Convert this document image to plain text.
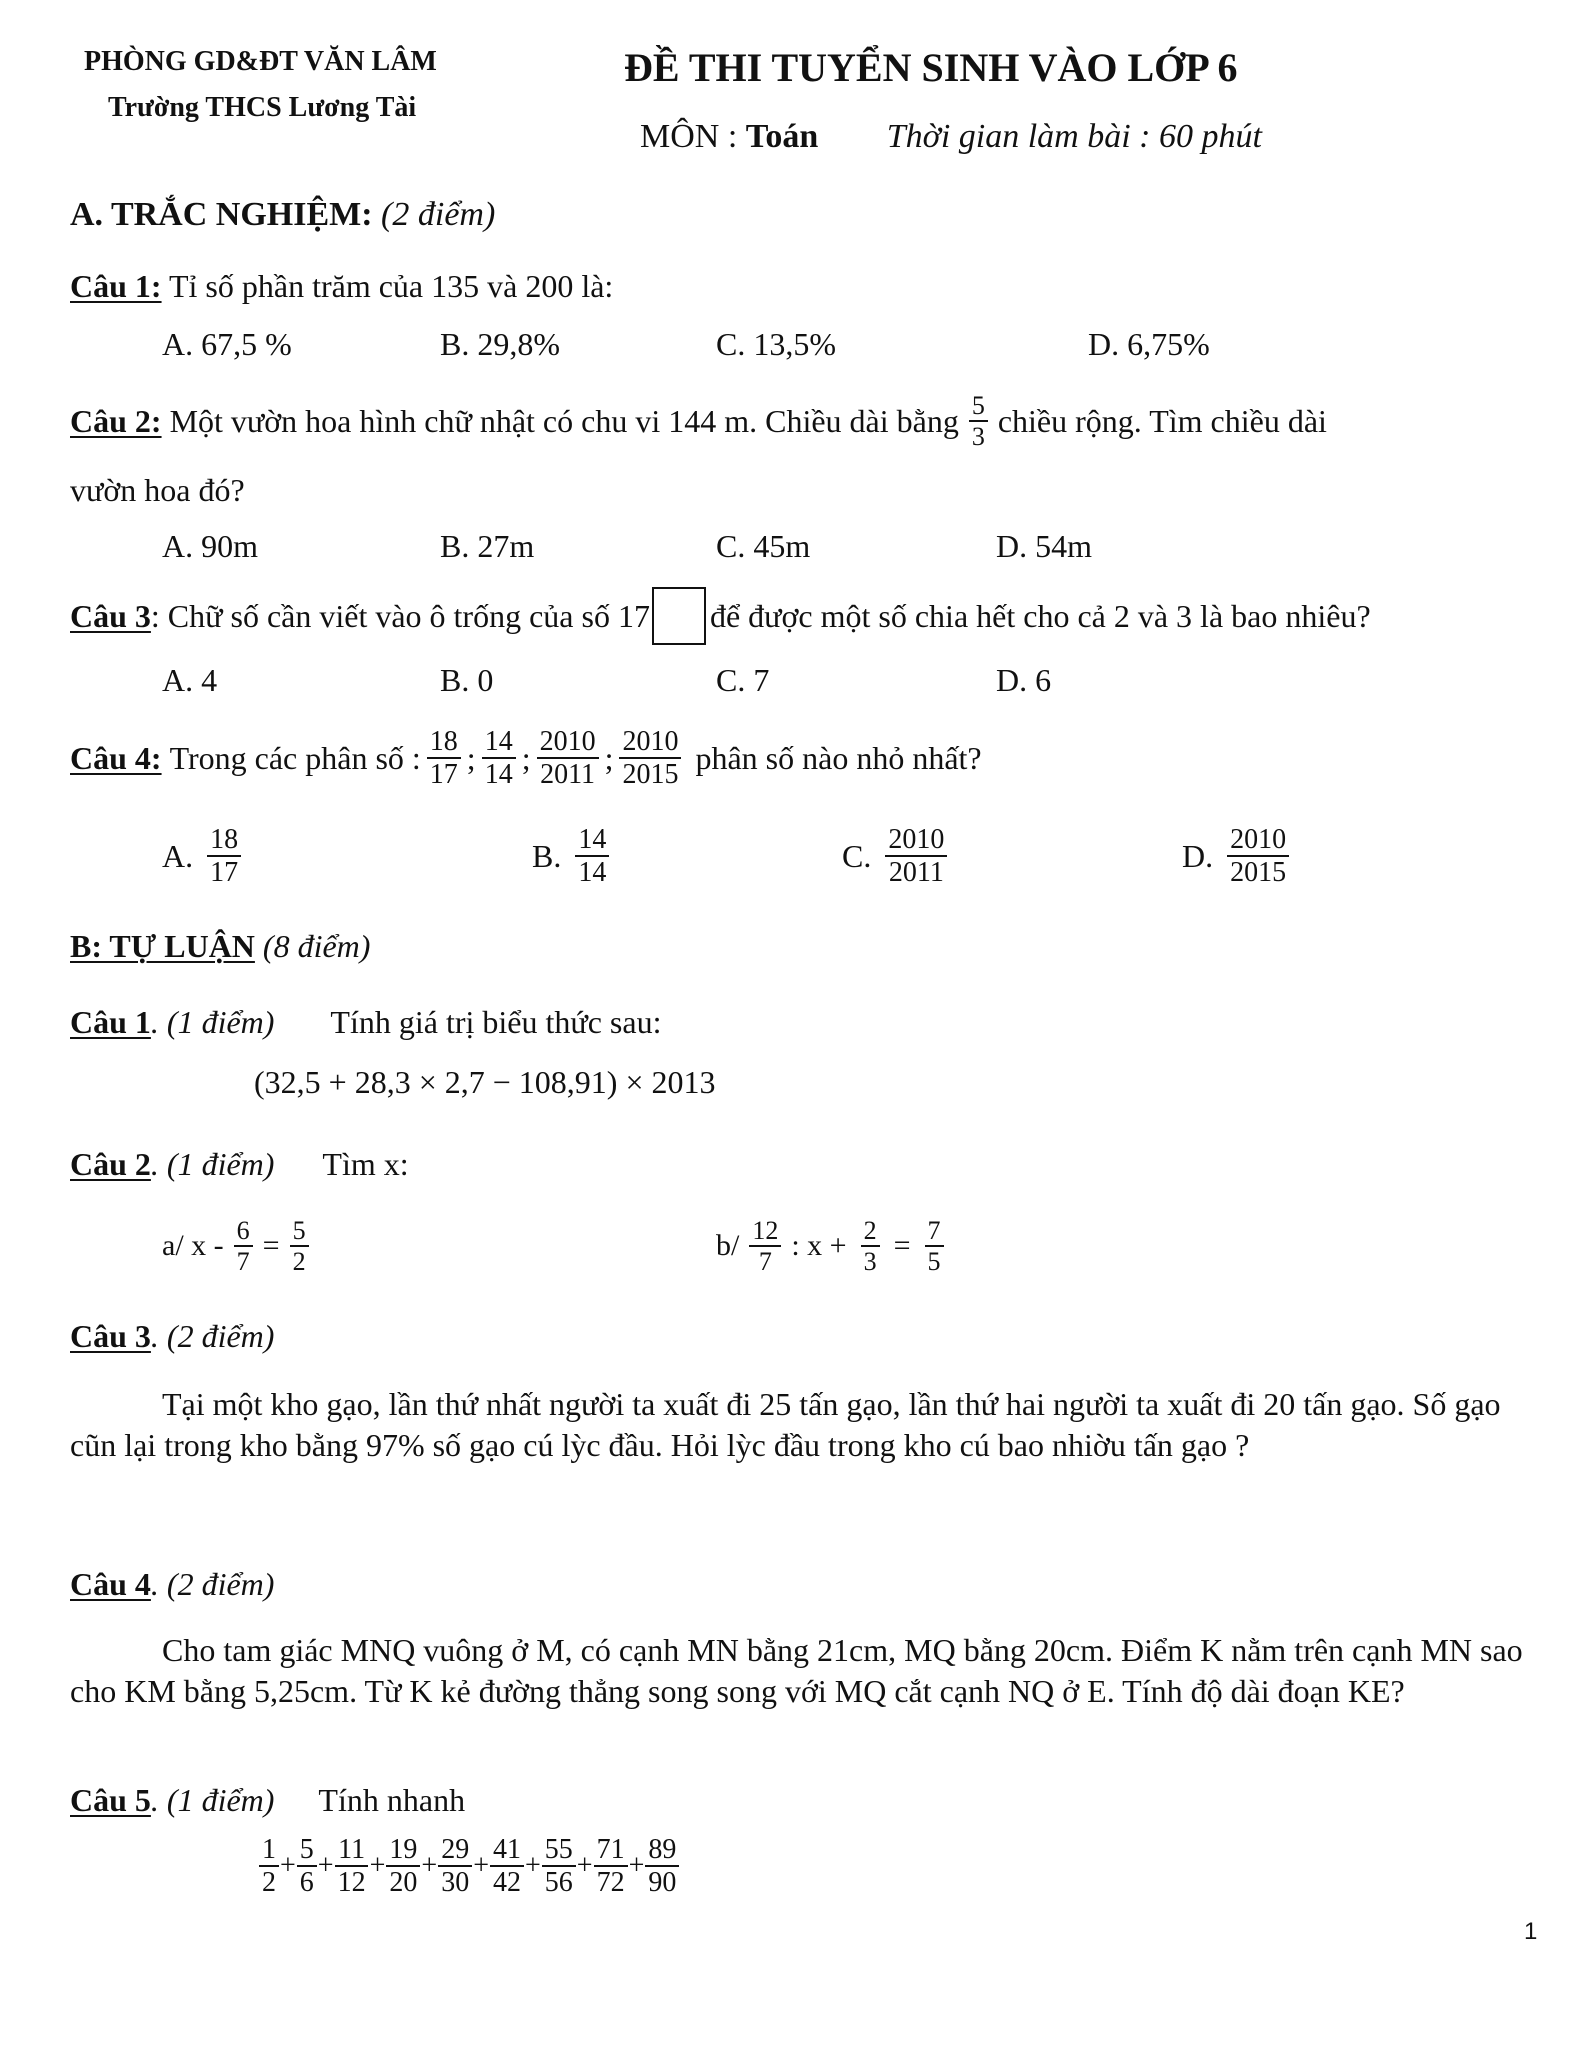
PHÒNG GD&ĐT VĂN LÂM
Trường THCS Lương Tài
ĐỀ THI TUYỂN SINH VÀO LỚP 6
MÔN : Toán Thời gian làm bài : 60 phút
A. TRẮC NGHIỆM: (2 điểm)
Câu 1: Tỉ số phần trăm của 135 và 200 là:
A. 67,5 %	B. 29,8%	C. 13,5%	D. 6,75%
Câu 2:
Một vườn hoa hình chữ nhật có chu vi 144 m. Chiều dài bằng $\frac{5}{3}$ chiều rộng. Tìm chiều dài
vườn hoa đó?
A. 90m	B. 27m	C. 45m	D. 54m
Câu 3 : Chữ số cần viết vào ô trống của số 17 để được một số chia hết cho cả 2 và 3 là bao nhiêu?
A. 4	B. 0	C. 7	D. 6
Câu 4:
Trong các phân số : $\frac{18}{17}$ ; $\frac{14}{14}$ ; $\frac{2010}{2011}$ ; $\frac{2010}{2015}$
phân số nào nhỏ nhất?
A. $\frac{18}{17}$	B. $\frac{14}{14}$	C. $\frac{2010}{2011}$	D. $\frac{2010}{2015}$
B: TỰ LUẬN (8 điểm)
Câu 1. (1 điểm) Tính giá trị biểu thức sau:
(32,5 + 28,3 × 2,7 − 108,91) × 2013
Câu 2. (1 điểm) Tìm x:
a/ $x - \frac{6}{7} = \frac{5}{2}$	$b/ \frac{12}{7}$ : $x + \frac{2}{3} = \frac{7}{5}$
Câu 3. (2 điểm)
Tại một kho gạo, lần thứ nhất người ta xuất đi 25 tấn gạo, lần thứ hai người ta xuất đi 20 tấn gạo. Số gạo cũn lại trong kho bằng 97% số gạo cú lỳc đầu. Hỏi lỳc đầu trong kho cú bao nhiờu tấn gạo ?
Câu 4. (2 điểm)
Cho tam giác MNQ vuông ở M, có cạnh MN bằng 21cm, MQ bằng 20cm. Điểm K nằm trên cạnh MN sao cho KM bằng 5,25cm. Từ K kẻ đường thẳng song song với MQ cắt cạnh NQ ở E. Tính độ dài đoạn KE?
Câu 5. (1 điểm) Tính nhanh
$\frac{1}{2} + \frac{5}{6} + \frac{11}{12} + \frac{19}{20} + \frac{29}{30} + \frac{41}{42} + \frac{55}{56} + \frac{71}{72} + \frac{89}{90}$
1
